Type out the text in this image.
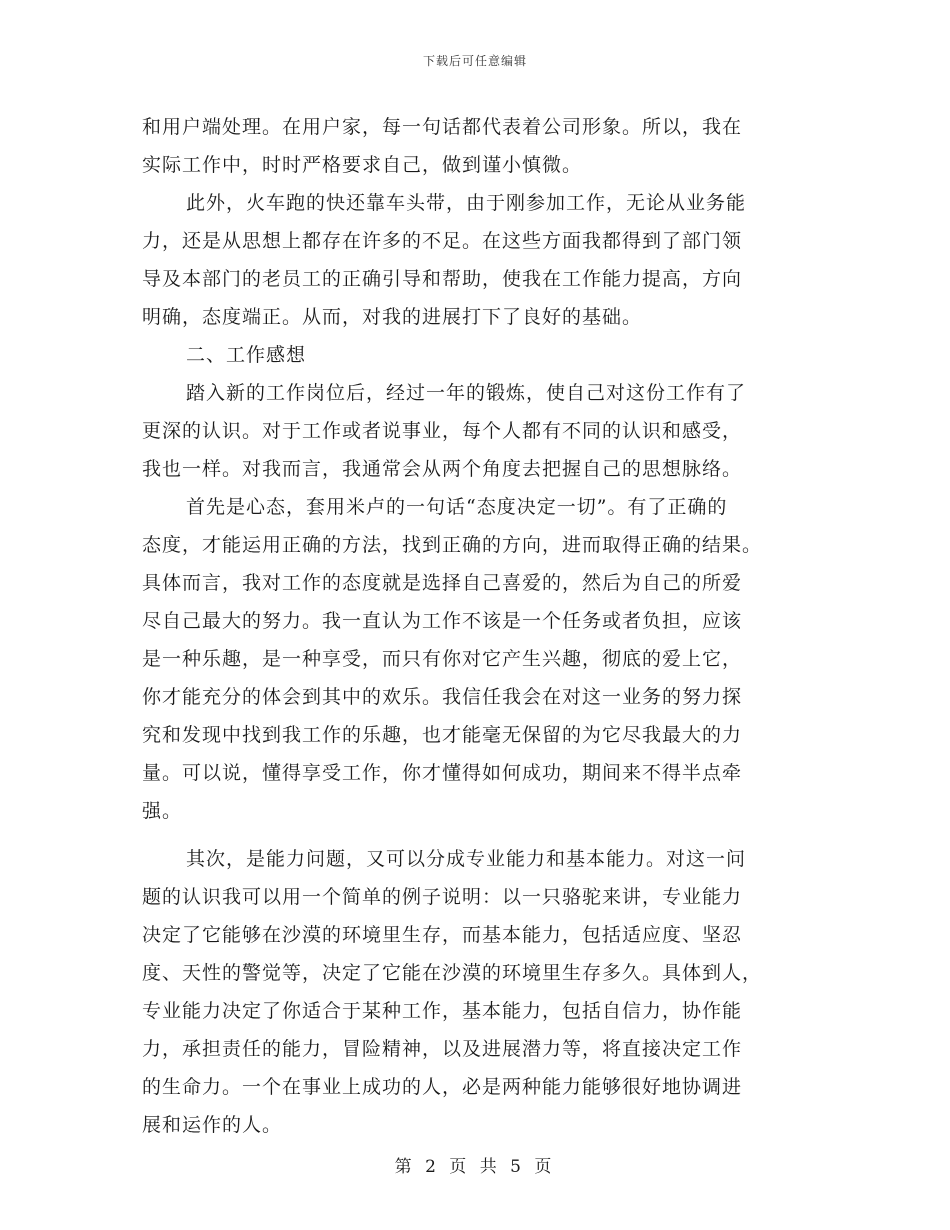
下载后可任意编辑
和用户端处理。在用户家，每一句话都代表着公司形象。所以，我在
实际工作中，时时严格要求自己，做到谨小慎微。
此外，火车跑的快还靠车头带，由于刚参加工作，无论从业务能
力，还是从思想上都存在许多的不足。在这些方面我都得到了部门领
导及本部门的老员工的正确引导和帮助，使我在工作能力提高，方向
明确，态度端正。从而，对我的进展打下了良好的基础。
二、工作感想
踏入新的工作岗位后，经过一年的锻炼，使自己对这份工作有了
更深的认识。对于工作或者说事业，每个人都有不同的认识和感受，
我也一样。对我而言，我通常会从两个角度去把握自己的思想脉络。
首先是心态，套用米卢的一句话“态度决定一切”。有了正确的
态度，才能运用正确的方法，找到正确的方向，进而取得正确的结果。
具体而言，我对工作的态度就是选择自己喜爱的，然后为自己的所爱
尽自己最大的努力。我一直认为工作不该是一个任务或者负担，应该
是一种乐趣，是一种享受，而只有你对它产生兴趣，彻底的爱上它，
你才能充分的体会到其中的欢乐。我信任我会在对这一业务的努力探
究和发现中找到我工作的乐趣，也才能毫无保留的为它尽我最大的力
量。可以说，懂得享受工作，你才懂得如何成功，期间来不得半点牵
强。
其次，是能力问题，又可以分成专业能力和基本能力。对这一问
题的认识我可以用一个简单的例子说明：以一只骆驼来讲，专业能力
决定了它能够在沙漠的环境里生存，而基本能力，包括适应度、坚忍
度、天性的警觉等，决定了它能在沙漠的环境里生存多久。具体到人，
专业能力决定了你适合于某种工作，基本能力，包括自信力，协作能
力，承担责任的能力，冒险精神，以及进展潜力等，将直接决定工作
的生命力。一个在事业上成功的人，必是两种能力能够很好地协调进
展和运作的人。
第 2 页 共 5 页
